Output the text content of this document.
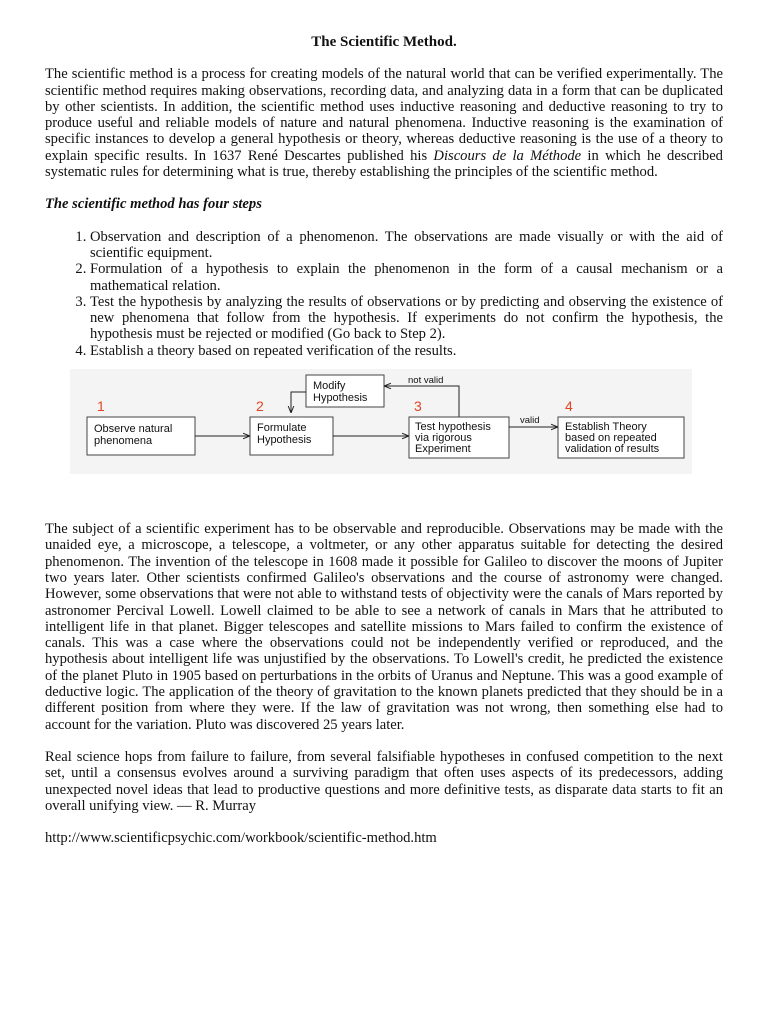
The Scientific Method.
The scientific method is a process for creating models of the natural world that can be verified experimentally. The scientific method requires making observations, recording data, and analyzing data in a form that can be duplicated by other scientists. In addition, the scientific method uses inductive reasoning and deductive reasoning to try to produce useful and reliable models of nature and natural phenomena. Inductive reasoning is the examination of specific instances to develop a general hypothesis or theory, whereas deductive reasoning is the use of a theory to explain specific results. In 1637 René Descartes published his Discours de la Méthode in which he described systematic rules for determining what is true, thereby establishing the principles of the scientific method.
The scientific method has four steps
1. Observation and description of a phenomenon. The observations are made visually or with the aid of scientific equipment.
2. Formulation of a hypothesis to explain the phenomenon in the form of a causal mechanism or a mathematical relation.
3. Test the hypothesis by analyzing the results of observations or by predicting and observing the existence of new phenomena that follow from the hypothesis. If experiments do not confirm the hypothesis, the hypothesis must be rejected or modified (Go back to Step 2).
4. Establish a theory based on repeated verification of the results.
Modify
Hypothesis
not valid
1	2	3	4
Observe natural
phenomena
Formulate
Hypothesis
Test hypothesis
via rigorous
Experiment
Establish Theory
based on repeated
validation of results
valid
The subject of a scientific experiment has to be observable and reproducible. Observations may be made with the unaided eye, a microscope, a telescope, a voltmeter, or any other apparatus suitable for detecting the desired phenomenon. The invention of the telescope in 1608 made it possible for Galileo to discover the moons of Jupiter two years later. Other scientists confirmed Galileo's observations and the course of astronomy were changed. However, some observations that were not able to withstand tests of objectivity were the canals of Mars reported by astronomer Percival Lowell. Lowell claimed to be able to see a network of canals in Mars that he attributed to intelligent life in that planet. Bigger telescopes and satellite missions to Mars failed to confirm the existence of canals. This was a case where the observations could not be independently verified or reproduced, and the hypothesis about intelligent life was unjustified by the observations. To Lowell's credit, he predicted the existence of the planet Pluto in 1905 based on perturbations in the orbits of Uranus and Neptune. This was a good example of deductive logic. The application of the theory of gravitation to the known planets predicted that they should be in a different position from where they were. If the law of gravitation was not wrong, then something else had to account for the variation. Pluto was discovered 25 years later.
Real science hops from failure to failure, from several falsifiable hypotheses in confused competition to the next set, until a consensus evolves around a surviving paradigm that often uses aspects of its predecessors, adding unexpected novel ideas that lead to productive questions and more definitive tests, as disparate data starts to fit an overall unifying view. — R. Murray
http://www.scientificpsychic.com/workbook/scientific-method.htm
